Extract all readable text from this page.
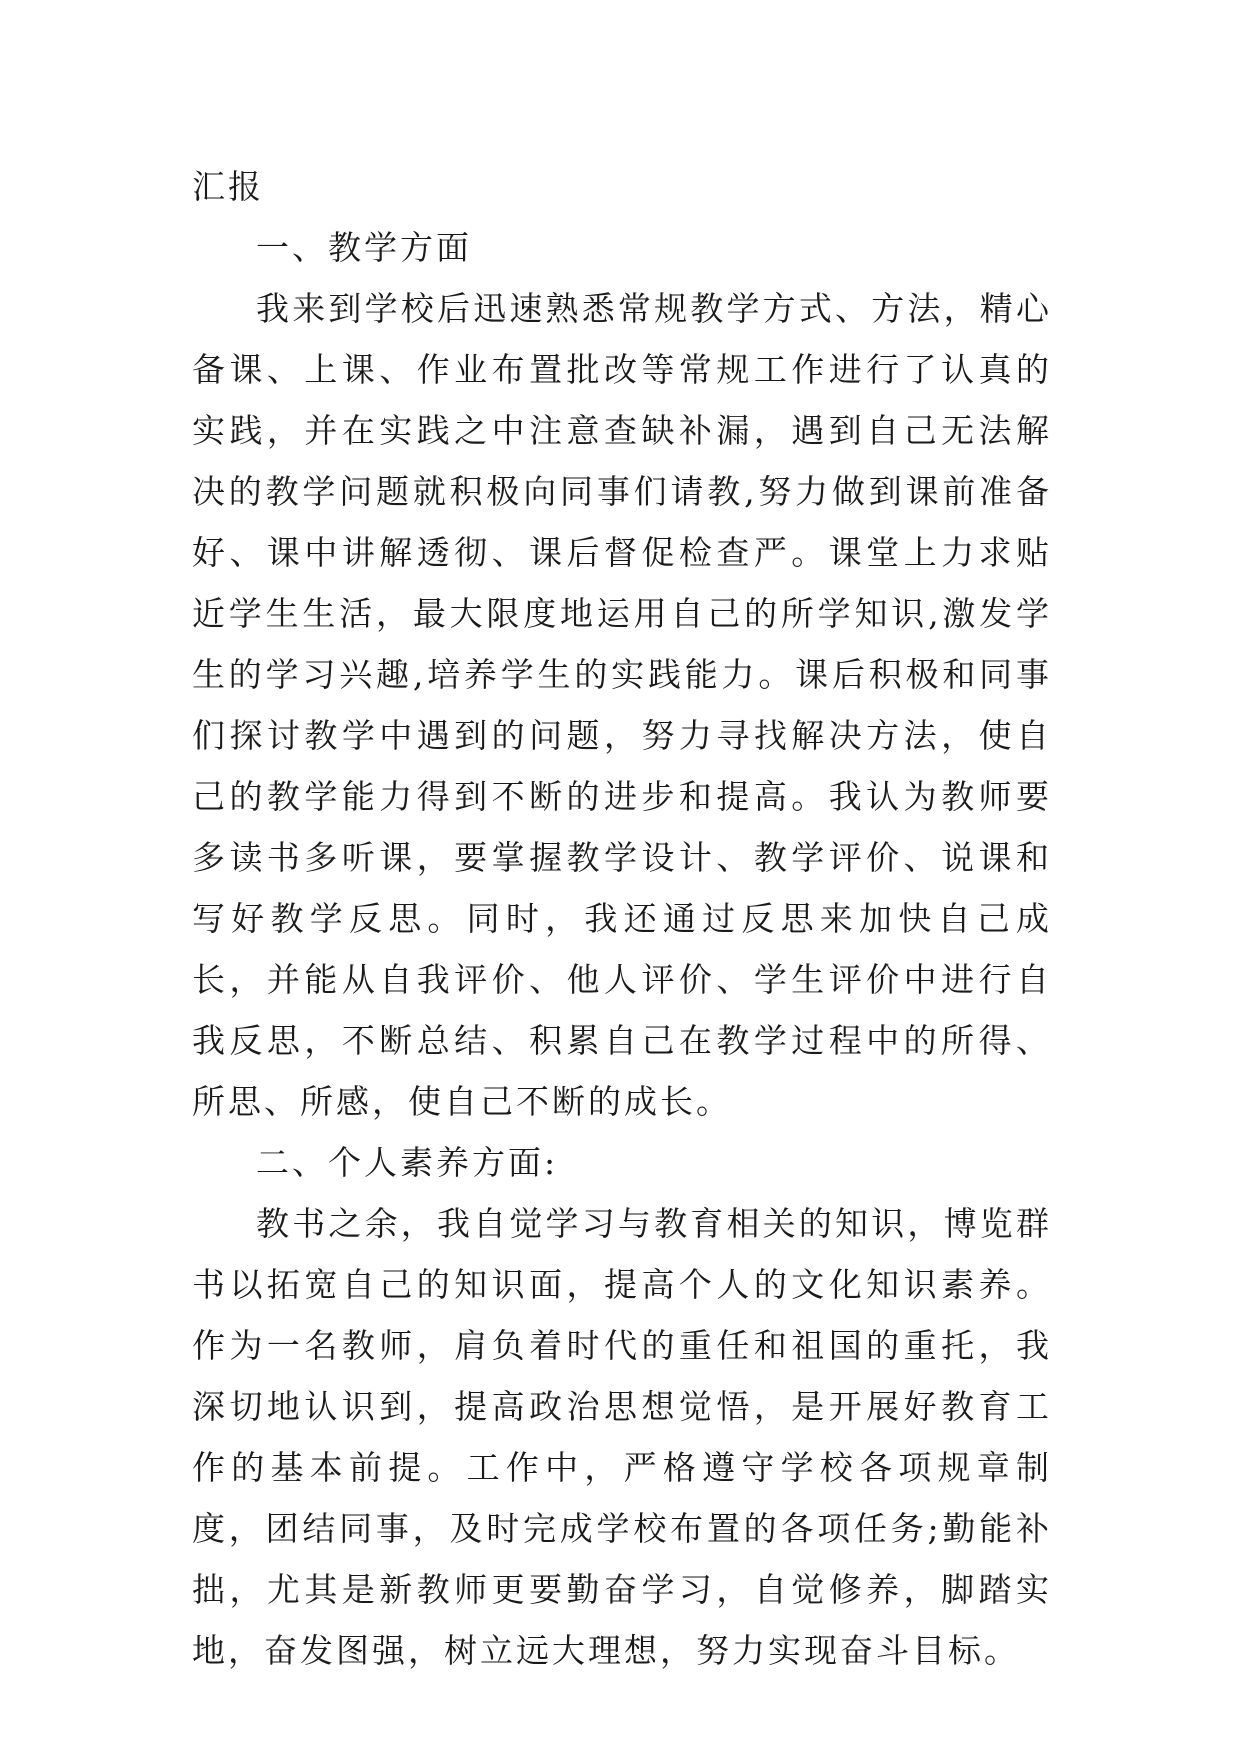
汇报

一、教学方面

我来到学校后迅速熟悉常规教学方式、方法，精心备课、上课、作业布置批改等常规工作进行了认真的实践，并在实践之中注意查缺补漏，遇到自己无法解决的教学问题就积极向同事们请教,努力做到课前准备好、课中讲解透彻、课后督促检查严。课堂上力求贴近学生生活，最大限度地运用自己的所学知识,激发学生的学习兴趣,培养学生的实践能力。课后积极和同事们探讨教学中遇到的问题，努力寻找解决方法，使自己的教学能力得到不断的进步和提高。我认为教师要多读书多听课，要掌握教学设计、教学评价、说课和写好教学反思。同时，我还通过反思来加快自己成长，并能从自我评价、他人评价、学生评价中进行自我反思，不断总结、积累自己在教学过程中的所得、所思、所感，使自己不断的成长。

二、个人素养方面:

教书之余，我自觉学习与教育相关的知识，博览群书以拓宽自己的知识面，提高个人的文化知识素养。作为一名教师，肩负着时代的重任和祖国的重托，我深切地认识到，提高政治思想觉悟，是开展好教育工作的基本前提。工作中，严格遵守学校各项规章制度，团结同事，及时完成学校布置的各项任务;勤能补拙，尤其是新教师更要勤奋学习，自觉修养，脚踏实地，奋发图强，树立远大理想，努力实现奋斗目标。
